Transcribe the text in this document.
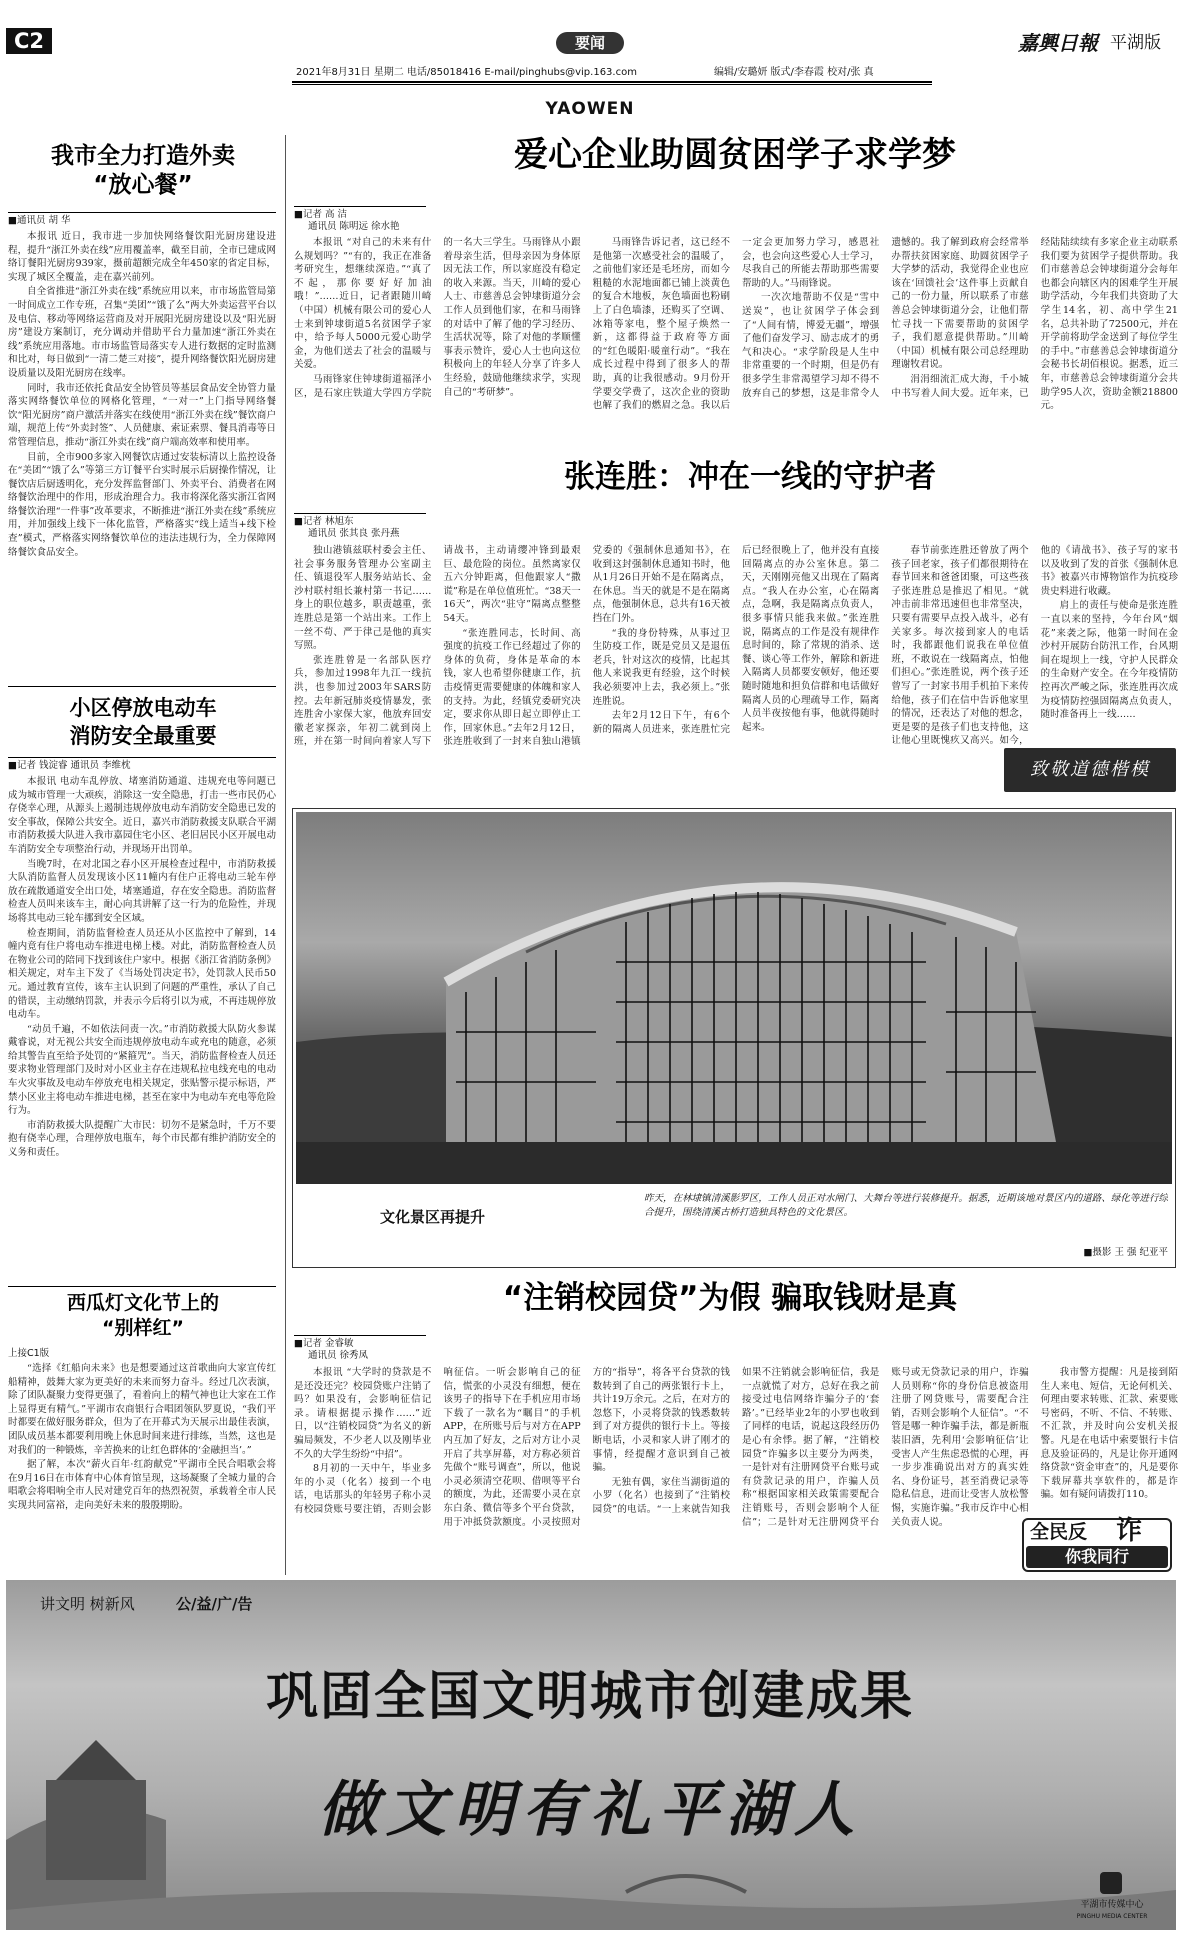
C2	要闻	嘉興日報 平湖版
2021年8月31日 星期二 电话/85018416 E-mail/pinghubs@vip.163.com	编辑/安璐妍 版式/李春霞 校对/张 真
YAOWEN
我市全力打造外卖
“放心餐”
■通讯员 胡 华

本报讯 近日，我市进一步加快网络餐饮阳光厨房建设进程，提升“浙江外卖在线”应用覆盖率，截至目前，全市已建成网络订餐阳光厨房939家，摄前超额完成全年450家的省定目标，实现了城区全覆盖，走在嘉兴前列。

自全省推进“浙江外卖在线”系统应用以来，市市场监管局第一时间成立工作专班，召集“美团”“饿了么”两大外卖运营平台以及电信、移动等网络运营商及对开展阳光厨房建设以及“阳光厨房”建设方案制订，充分调动并借助平台力量加速“浙江外卖在线”系统应用落地。市市场监管局落实专人进行数据的定时监测和比对，每日做到“一清二楚三对接”，提升网络餐饮阳光厨房建设质量以及阳光厨房在线率。

同时，我市还依托食品安全协管员等基层食品安全协管力量落实网络餐饮单位的网格化管理，“一对一”上门指导网络餐饮“阳光厨房”商户激活并落实在线使用“浙江外卖在线”餐饮商户端，规范上传“外卖封签”、人员健康、索证索票、餐具消毒等日常管理信息，推动“浙江外卖在线”商户端高效率和使用率。

目前，全市900多家入网餐饮店通过安装标清以上监控设备在“美团”“饿了么”等第三方订餐平台实时展示后厨操作情况，让餐饮店后厨透明化，充分发挥监督部门、外卖平台、消费者在网络餐饮治理中的作用，形成治理合力。我市将深化落实浙江省网络餐饮治理“一件事”改革要求，不断推进“浙江外卖在线”系统应用，并加强线上线下一体化监管，严格落实“线上适当+线下检查”模式，严格落实网络餐饮单位的违法违规行为，全力保障网络餐饮食品安全。

小区停放电动车
消防安全最重要
■记者 钱淀睿 通讯员 李维枕

本报讯 电动车乱停放、堵塞消防通道、违规充电等问题已成为城市管理一大顽疾，消除这一安全隐患，打击一些市民仍心存侥幸心理，从源头上遏制违规停放电动车消防安全隐患已发的安全事故，保障公共安全。近日，嘉兴市消防救援支队联合平湖市消防救援大队进入我市嘉园住宅小区、老旧居民小区开展电动车消防安全专项整治行动，并现场开出罚单。

当晚7时，在对北国之春小区开展检查过程中，市消防救援大队消防监督人员发现该小区11幢内有住户正将电动三轮车停放在疏散通道安全出口处，堵塞通道，存在安全隐患。消防监督检查人员叫来该车主，耐心向其讲解了这一行为的危险性，并现场将其电动三轮车挪到安全区域。

检查期间，消防监督检查人员还从小区监控中了解到，14幢内竟有住户将电动车推进电梯上楼。对此，消防监督检查人员在物业公司的陪同下找到该住户家中。根据《浙江省消防条例》相关规定，对车主下发了《当场处罚决定书》，处罚款人民币50元。通过教育宣传，该车主认识到了问题的严重性，承认了自己的错误，主动缴纳罚款，并表示今后将引以为戒，不再违规停放电动车。

“动员千遍，不如依法问责一次。”市消防救援大队防火参谋戴睿说，对无视公共安全而违规停放电动车或充电的随意，必须给其警告直至给予处罚的“紧箍咒”。当天，消防监督检查人员还要求物业管理部门及时对小区业主存在违规私拉电线充电的电动车火灾事故及电动车停放充电相关规定，张贴警示提示标语，严禁小区业主将电动车推进电梯，甚至在家中为电动车充电等危险行为。

市消防救援大队提醒广大市民：切勿不是紧急时，千万不要抱有侥幸心理，合理停放电瓶车，每个市民都有维护消防安全的义务和责任。

西瓜灯文化节上的
“别样红”
上接C1版

“选择《红船向未来》也是想要通过这首歌曲向大家宣传红船精神，鼓舞大家为更美好的未来而努力奋斗。经过几次表演，除了团队凝聚力变得更强了，看着向上的精气神也让大家在工作上显得更有精气。”平湖市农商银行合唱团领队罗夏说，“我们平时都要在做好服务群众，但为了在开幕式为天展示出最佳表演，团队成员基本都要利用晚上休息时间来进行排练，当然，这也是对我们的一种锻炼，辛苦换来的让红色群体的‘金融担当’。”

据了解，本次“薪火百年·红韵献党”平湖市全民合唱歌会将在9月16日在市体育中心体育馆呈现，这场凝聚了全城力量的合唱歌会将唱响全市人民对建党百年的热烈祝贺，承载着全市人民实现共同富裕，走向美好未来的殷殷期盼。

爱心企业助圆贫困学子求学梦
■记者 高 洁
通讯员 陈明远 徐水艳

本报讯 “对自己的未来有什么规划吗？”“有的，我正在准备考研究生，想继续深造。”“真了不起，那你要好好加油哦！”……近日，记者跟随川崎（中国）机械有限公司的爱心人士来到钟埭街道5名贫困学子家中，给予每人5000元爱心助学金，为他们送去了社会的温暖与关爱。

马雨锋家住钟埭街道福泽小区，是石家庄铁道大学四方学院的一名大三学生。马雨锋从小跟着母亲生活，但母亲因为身体原因无法工作，所以家庭没有稳定的收入来源。当天，川崎的爱心人士、市慈善总会钟埭街道分会工作人员到他们家，在和马雨锋的对话中了解了他的学习经历、生活状况等，除了对他的孝顺懂事表示赞许，爱心人士也向这位积极向上的年轻人分享了许多人生经验，鼓励他继续求学，实现自己的“考研梦”。

马雨锋告诉记者，这已经不是他第一次感受社会的温暖了，之前他们家还是毛坯房，而如今粗糙的水泥地面都已铺上淡黄色的复合木地板，灰色墙面也粉刷上了白色墙漆，还购买了空调、冰箱等家电，整个屋子焕然一新，这都得益于政府等方面的“红色暖阳·暖童行动”。“我在成长过程中得到了很多人的帮助，真的让我很感动。9月份开学要交学费了，这次企业的资助也解了我们的燃眉之急。我以后一定会更加努力学习，感恩社会，也会向这些爱心人士学习，尽我自己的所能去帮助那些需要帮助的人。”马雨锋说。

一次次地帮助不仅是“雪中送炭”，也让贫困学子体会到了“人间有情，博爱无疆”，增强了他们奋发学习、励志成才的勇气和决心。“求学阶段是人生中非常重要的一个时期，但是仍有很多学生非常渴望学习却不得不放弃自己的梦想，这是非常令人遗憾的。我了解到政府会经常举办帮扶贫困家庭、助圆贫困学子大学梦的活动，我觉得企业也应该在‘回馈社会’这件事上贡献自己的一份力量，所以联系了市慈善总会钟埭街道分会，让他们帮忙寻找一下需要帮助的贫困学子，我们愿意提供帮助。”川崎（中国）机械有限公司总经理助理谢牧君说。

涓涓细流汇成大海，千小城中书写着人间大爱。近年来，已经陆陆续续有多家企业主动联系我们要为贫困学子提供帮助。我们市慈善总会钟埭街道分会每年也都会向辖区内的困难学生开展助学活动，今年我们共资助了大学生14名，初、高中学生21名，总共补助了72500元，并在开学前将助学金送到了每位学生的手中。”市慈善总会钟埭街道分会秘书长胡佰根说。据悉，近三年，市慈善总会钟埭街道分会共助学95人次，资助金额218800元。

张连胜：冲在一线的守护者
■记者 林旭东
通讯员 张其良 张丹燕

独山港镇兹联村委会主任、社会事务服务管理办公室副主任、镇退役军人服务站站长、金沙村联村组长兼村第一书记……身上的职位越多，职责越重，张连胜总是第一个站出来。工作上一丝不苟、严于律己是他的真实写照。

张连胜曾是一名部队医疗兵，参加过1998年九江一线抗洪，也参加过2003年SARS防控。去年新冠肺炎疫情暴发，张连胜舍小家保大家，他放弃回安徽老家探亲，年初二就到岗上班，并在第一时间向着家人写下请战书，主动请缨冲锋到最艰巨、最危险的岗位。虽然离家仅五六分钟距离，但他跟家人“撒谎”称是在单位值班忙。“38天一16天”，两次“驻守”隔离点整整54天。

“张连胜同志，长时间、高强度的抗疫工作已经超过了你的身体的负荷，身体是革命的本钱，家人也希望你健康工作，抗击疫情更需要健康的体魄和家人的支持。为此，经镇党委研究决定，要求你从即日起立即停止工作，回家休息。”去年2月12日，张连胜收到了一封来自独山港镇党委的《强制休息通知书》，在收到这封强制休息通知书时，他从1月26日开始不是在隔离点，在休息。当天的就是不是在隔离点，他强制休息，总共有16天被挡在门外。

“我的身份特殊，从事过卫生防疫工作，既是党员又是退伍老兵，针对这次的疫情，比起其他人来说我更有经验，这个时候我必须要冲上去，我必须上。”张连胜说。

去年2月12日下午，有6个新的隔离人员进来，张连胜忙完后已经很晚上了，他并没有直接回隔离点的办公室休息。第二天，天刚刚亮他又出现在了隔离点。“我人在办公室，心在隔离点，急啊，我是隔离点负责人，很多事情只能我来做。”张连胜说，隔离点的工作是没有规律作息时间的，除了常规的消杀、送餐、谈心等工作外，解除和新进入隔离人员都要安顿好，他还要随时随地和担负信群和电话做好隔离人员的心理疏导工作，隔离人员半夜按他有事，他就得随时起来。

春节前张连胜还曾放了两个孩子回老家，孩子们都很期待在春节回来和爸爸团聚，可这些孩子张连胜总是推迟了相见。“就冲击前非常迅速但也非常坚决，只要有需要早点投入战斗，必有关家多。每次接到家人的电话时，我都跟他们说我在单位值班，不敢说在一线隔离点，怕他们担心。”张连胜说，两个孩子还曾写了一封家书用手机拍下来传给他，孩子们在信中告诉他家里的情况，还表达了对他的想念，更是要的是孩子们也支持他，这让他心里既愧疚又高兴。如今，他的《请战书》、孩子写的家书以及收到了发的首张《强制休息书》被嘉兴市博物馆作为抗疫珍贵史料进行收藏。

肩上的责任与使命是张连胜一直以来的坚持，今年台风“烟花”来袭之际，他第一时间在金沙村开展防台防汛工作，台风期间在堤坝上一线，守护人民群众的生命财产安全。在今年疫情防控再次严峻之际，张连胜再次成为疫情防控强固隔离点负责人，随时准备再上一线……

致敬道德楷模
文化景区再提升
昨天，在林埭镇清溪影罗区，工作人员正对水闸门、大舞台等进行装修提升。据悉，近期该地对景区内的道路、绿化等进行综合提升，围绕清溪古桥打造独具特色的文化景区。
■摄影 王 强 纪亚平
“注销校园贷”为假 骗取钱财是真
■记者 金睿敏
通讯员 徐秀凤

本报讯 “大学时的贷款是不是还没还完？校园贷账户注销了吗？如果没有，会影响征信记录。请根据提示操作……”近日，以“注销校园贷”为名义的新骗局频发，不少老人以及刚毕业不久的大学生纷纷“中招”。

8月初的一天中午，毕业多年的小灵（化名）接到一个电话，电话那头的年轻男子称小灵有校园贷账号要注销，否则会影响征信。一听会影响自己的征信，慌张的小灵没有细想，便在该男子的指导下在手机应用市场下载了一款名为“瞩目”的手机APP，在所账号后与对方在APP内互加了好友，之后对方让小灵开启了共享屏幕，对方称必须首先做个“账号调查”，所以，他说小灵必须清空花呗、借呗等平台的额度，为此，还需要小灵在京东白条、微信等多个平台贷款，用于冲抵贷款额度。小灵按照对方的“指导”，将各平台贷款的钱数转到了自己的两张银行卡上，共计19万余元。之后，在对方的忽悠下，小灵将贷款的钱悉数转到了对方提供的银行卡上。等接断电话，小灵和家人讲了刚才的事情，经提醒才意识到自己被骗。

无独有偶，家住当湖街道的小罗（化名）也接到了“注销校园贷”的电话。“一上来就告知我如果不注销就会影响征信，我是一点就慌了对方，总好在我之前接受过电信网络诈骗分子的‘套路’。”已经毕业2年的小罗也收到了同样的电话，说起这段经历仍是心有余悸。据了解，“注销校园贷”诈骗多以主要分为两类，一是针对有注册网贷平台账号或有贷款记录的用户，诈骗人员称“根据国家相关政策需要配合注销账号，否则会影响个人征信”；二是针对无注册网贷平台账号或无贷款记录的用户，诈骗人员则称“你的身份信息被盗用注册了网贷账号，需要配合注销，否则会影响个人征信”。“不管是哪一种诈骗手法，都是新瓶装旧酒，先利用‘会影响征信’让受害人产生焦虑恐慌的心理，再一步步准确说出对方的真实姓名、身份证号，甚至消费记录等隐私信息，进而让受害人放松警惕，实施诈骗。”我市反诈中心相关负责人说。

我市警方提醒：凡是接到陌生人来电、短信，无论何机关、何理由要求转账、汇款、索要账号密码，不听、不信、不转账、不汇款，并及时向公安机关报警。凡是在电话中索要银行卡信息及验证码的，凡是让你开通网络贷款“资金审查”的，凡是要你下载屏幕共享软件的，都是诈骗。如有疑问请拨打110。

全民反	诈
你我同行
讲文明 树新风	公/益/广/告
巩固全国文明城市创建成果
做文明有礼平湖人
平湖市传媒中心
PINGHU MEDIA CENTER
